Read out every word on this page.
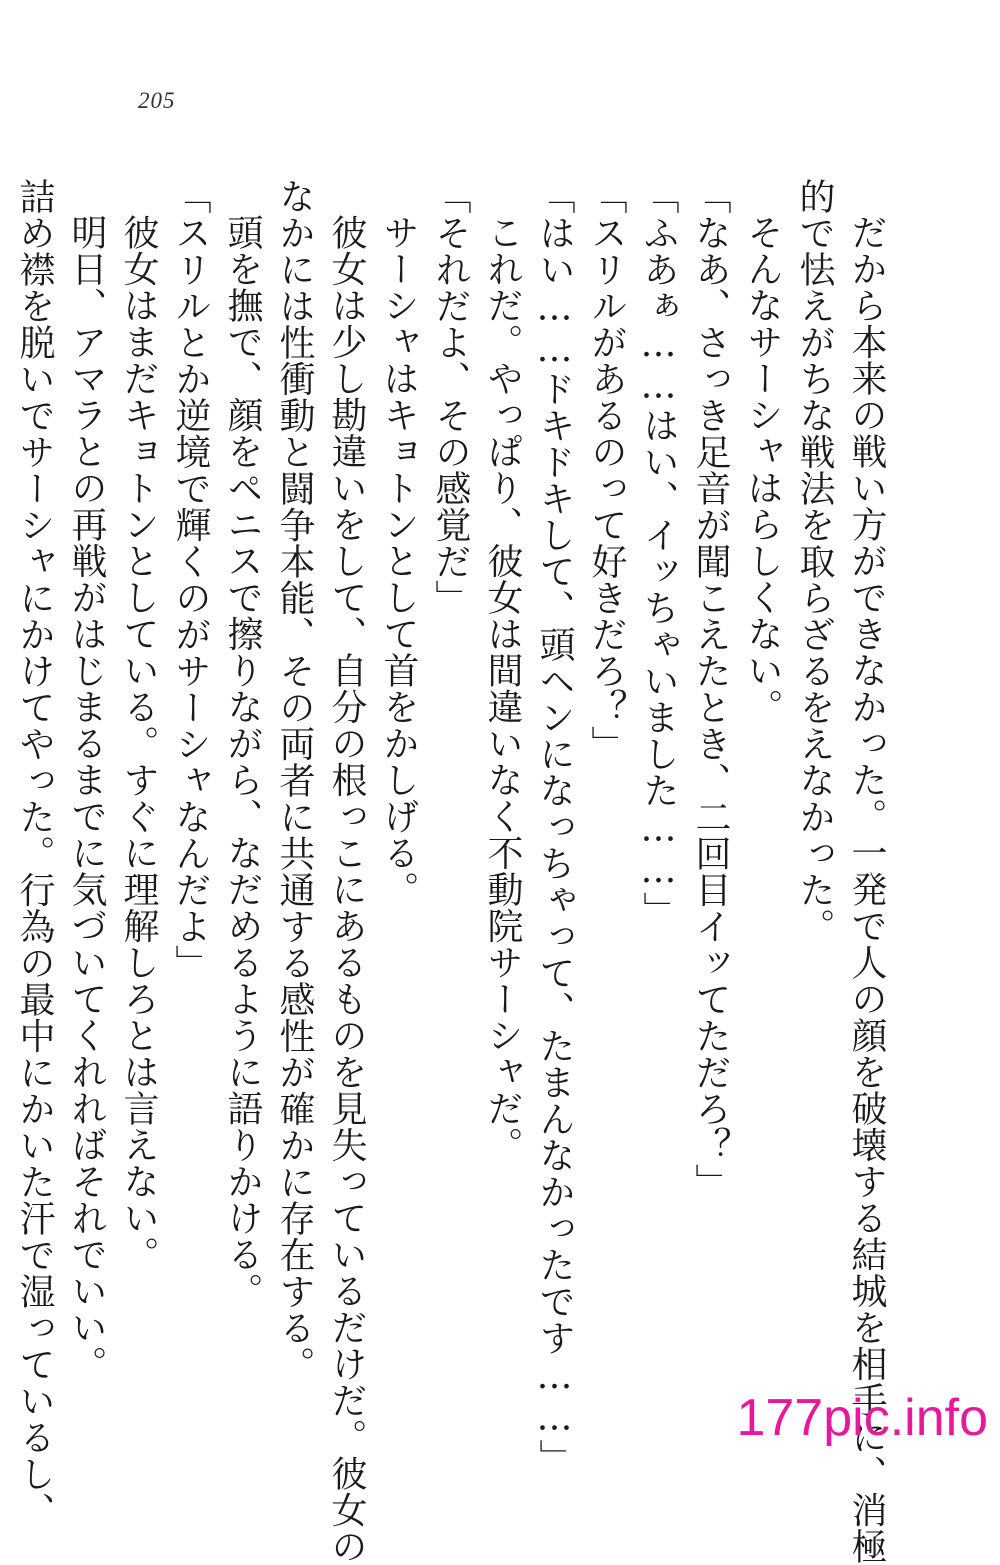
205

だから本来の戦い方ができなかった。一発で人の顔を破壊する結城を相手に、消極

的で怯えがちな戦法を取らざるをえなかった。

そんなサーシャはらしくない。

「なあ、さっき足音が聞こえたとき、二回目イッてただろ？」

「ふあぁ……はい、イッちゃいました……」

「スリルがあるのって好きだろ？」

「はい……ドキドキして、頭ヘンになっちゃって、たまんなかったです……」

これだ。やっぱり、彼女は間違いなく不動院サーシャだ。

「それだよ、その感覚だ」

サーシャはキョトンとして首をかしげる。

彼女は少し勘違いをして、自分の根っこにあるものを見失っているだけだ。彼女の

なかには性衝動と闘争本能、その両者に共通する感性が確かに存在する。

頭を撫で、顔をペニスで擦りながら、なだめるように語りかける。

「スリルとか逆境で輝くのがサーシャなんだよ」

彼女はまだキョトンとしている。すぐに理解しろとは言えない。

明日、アマラとの再戦がはじまるまでに気づいてくれればそれでいい。

詰め襟を脱いでサーシャにかけてやった。行為の最中にかいた汗で湿っているし、	177pic.info
